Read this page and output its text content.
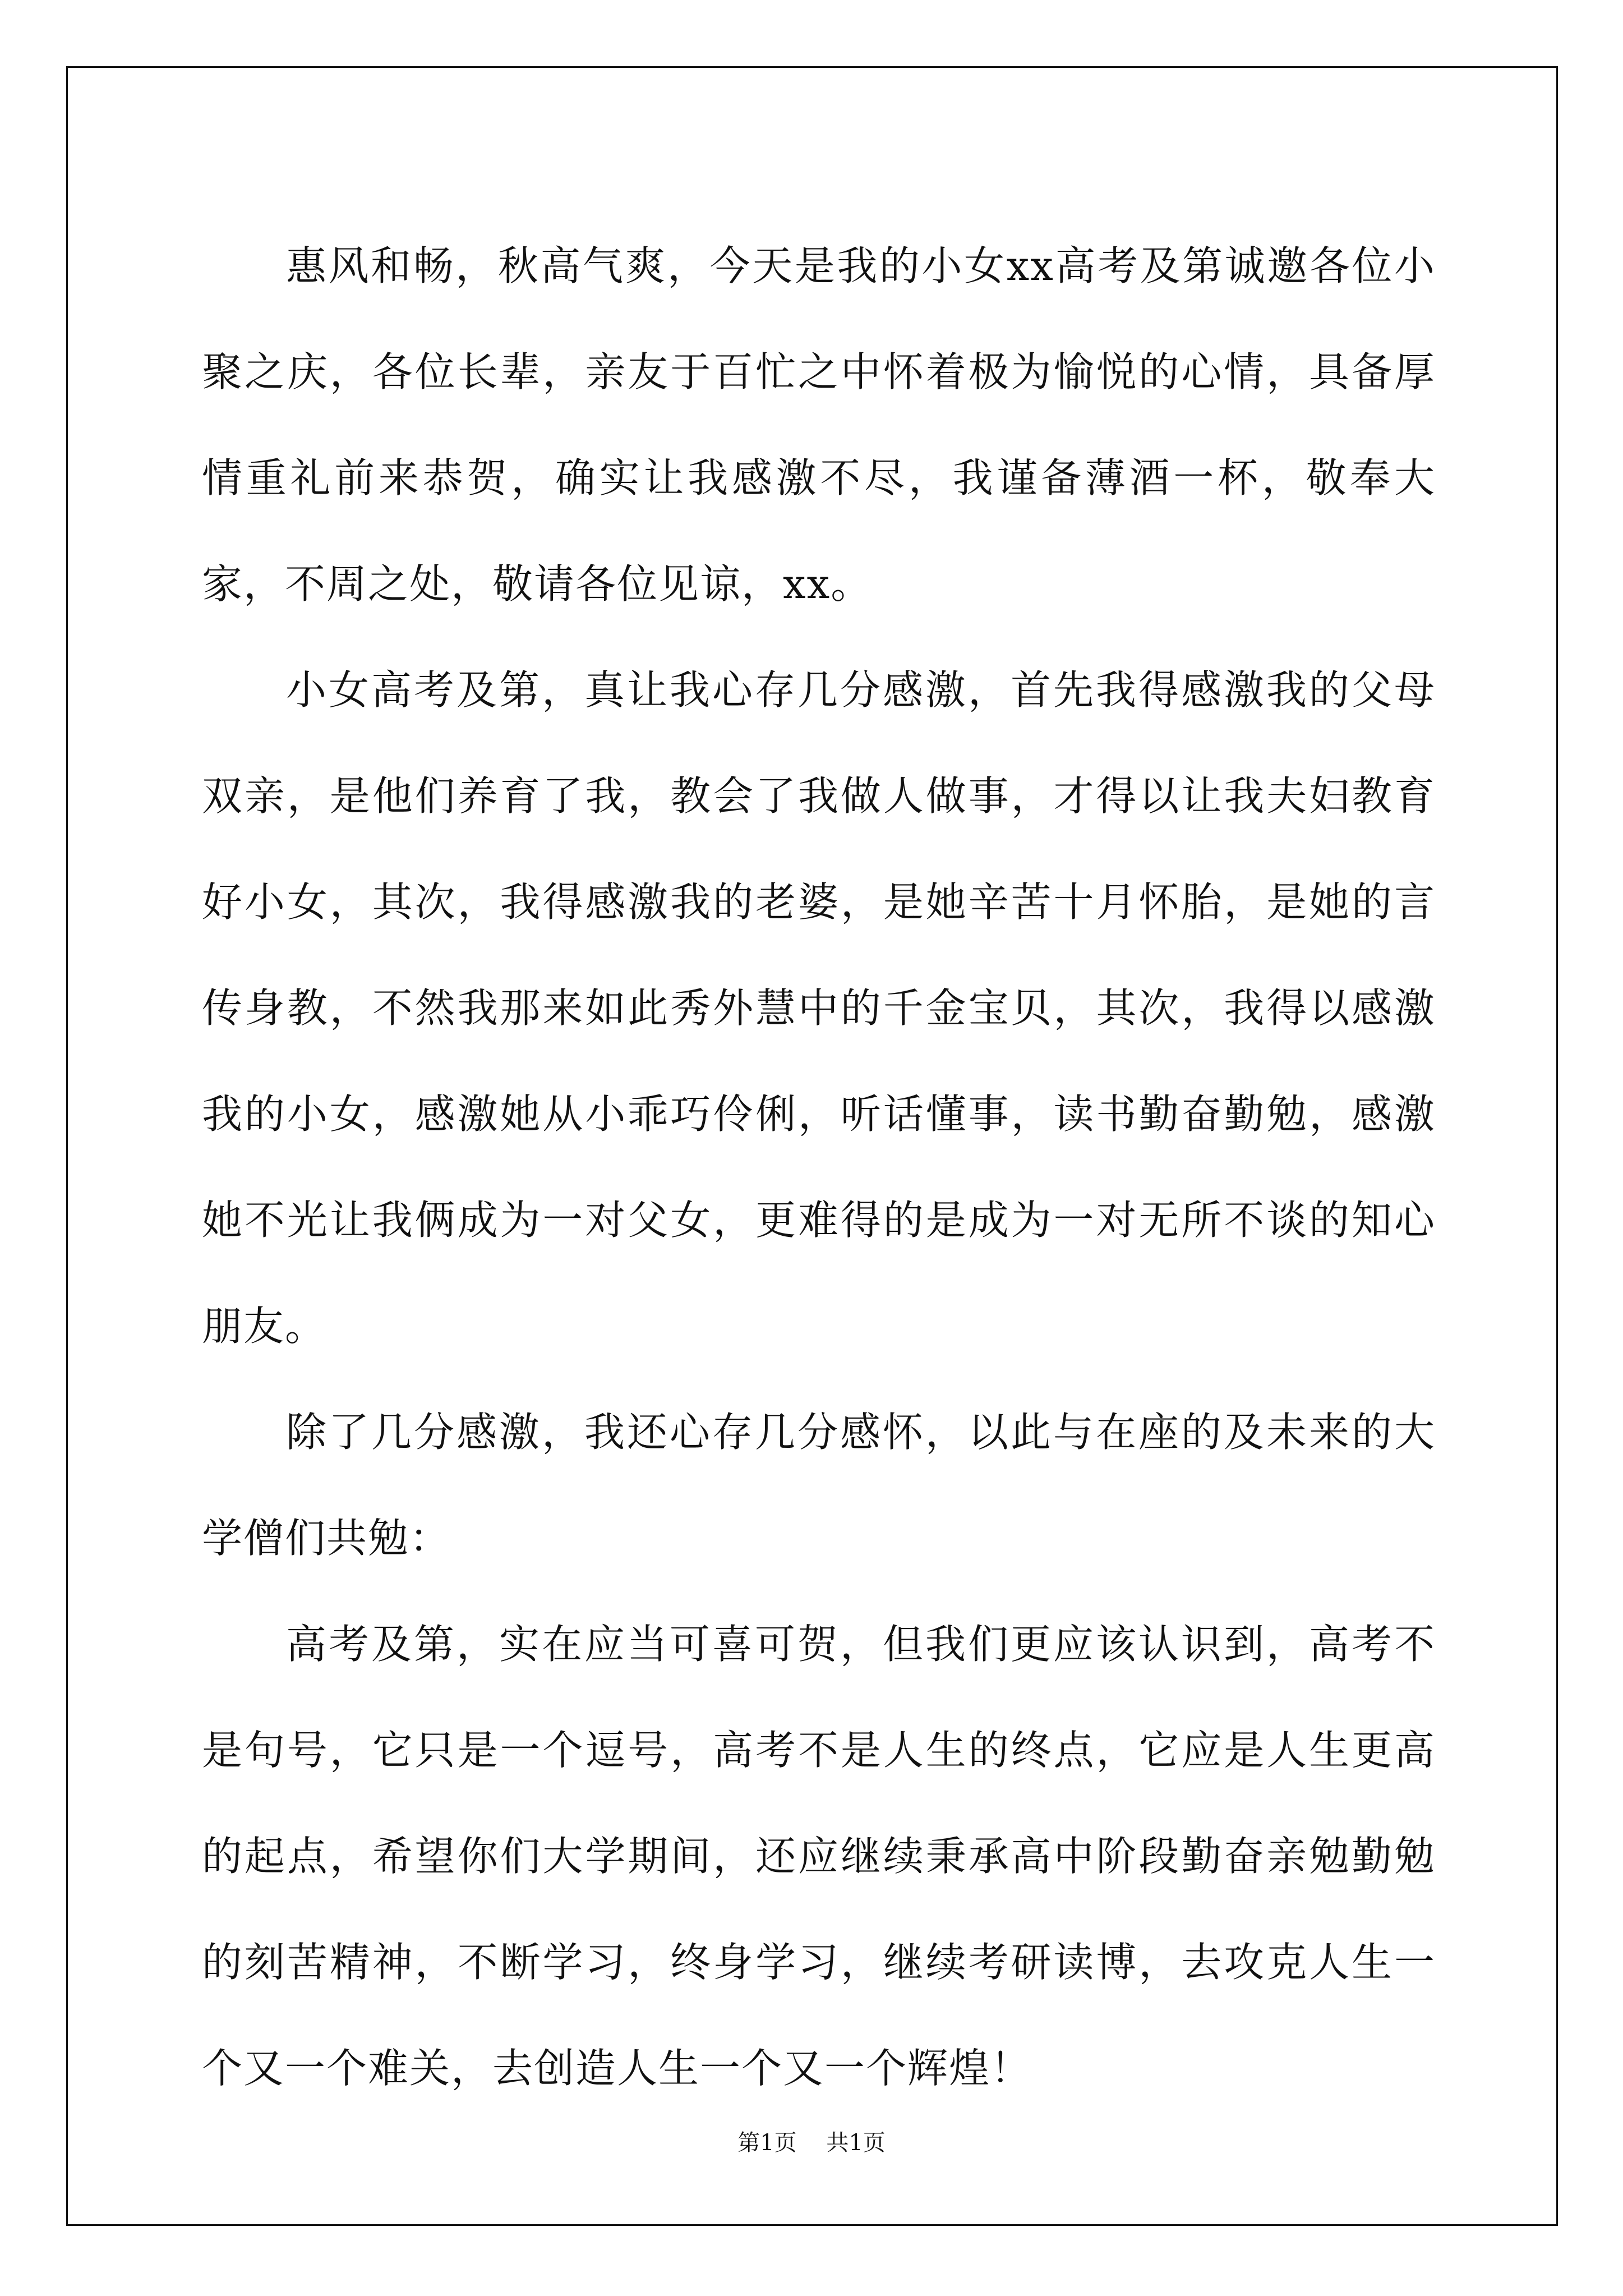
惠风和畅，秋高气爽，今天是我的小女xx高考及第诚邀各位小聚之庆，各位长辈，亲友于百忙之中怀着极为愉悦的心情，具备厚情重礼前来恭贺，确实让我感激不尽，我谨备薄酒一杯，敬奉大家，不周之处，敬请各位见谅，xx。

小女高考及第，真让我心存几分感激，首先我得感激我的父母双亲，是他们养育了我，教会了我做人做事，才得以让我夫妇教育好小女，其次，我得感激我的老婆，是她辛苦十月怀胎，是她的言传身教，不然我那来如此秀外慧中的千金宝贝，其次，我得以感激我的小女，感激她从小乖巧伶俐，听话懂事，读书勤奋勤勉，感激她不光让我俩成为一对父女，更难得的是成为一对无所不谈的知心朋友。

除了几分感激，我还心存几分感怀，以此与在座的及未来的大学僧们共勉：

高考及第，实在应当可喜可贺，但我们更应该认识到，高考不是句号，它只是一个逗号，高考不是人生的终点，它应是人生更高的起点，希望你们大学期间，还应继续秉承高中阶段勤奋亲勉勤勉的刻苦精神，不断学习，终身学习，继续考研读博，去攻克人生一个又一个难关，去创造人生一个又一个辉煌！

第1页 共1页
